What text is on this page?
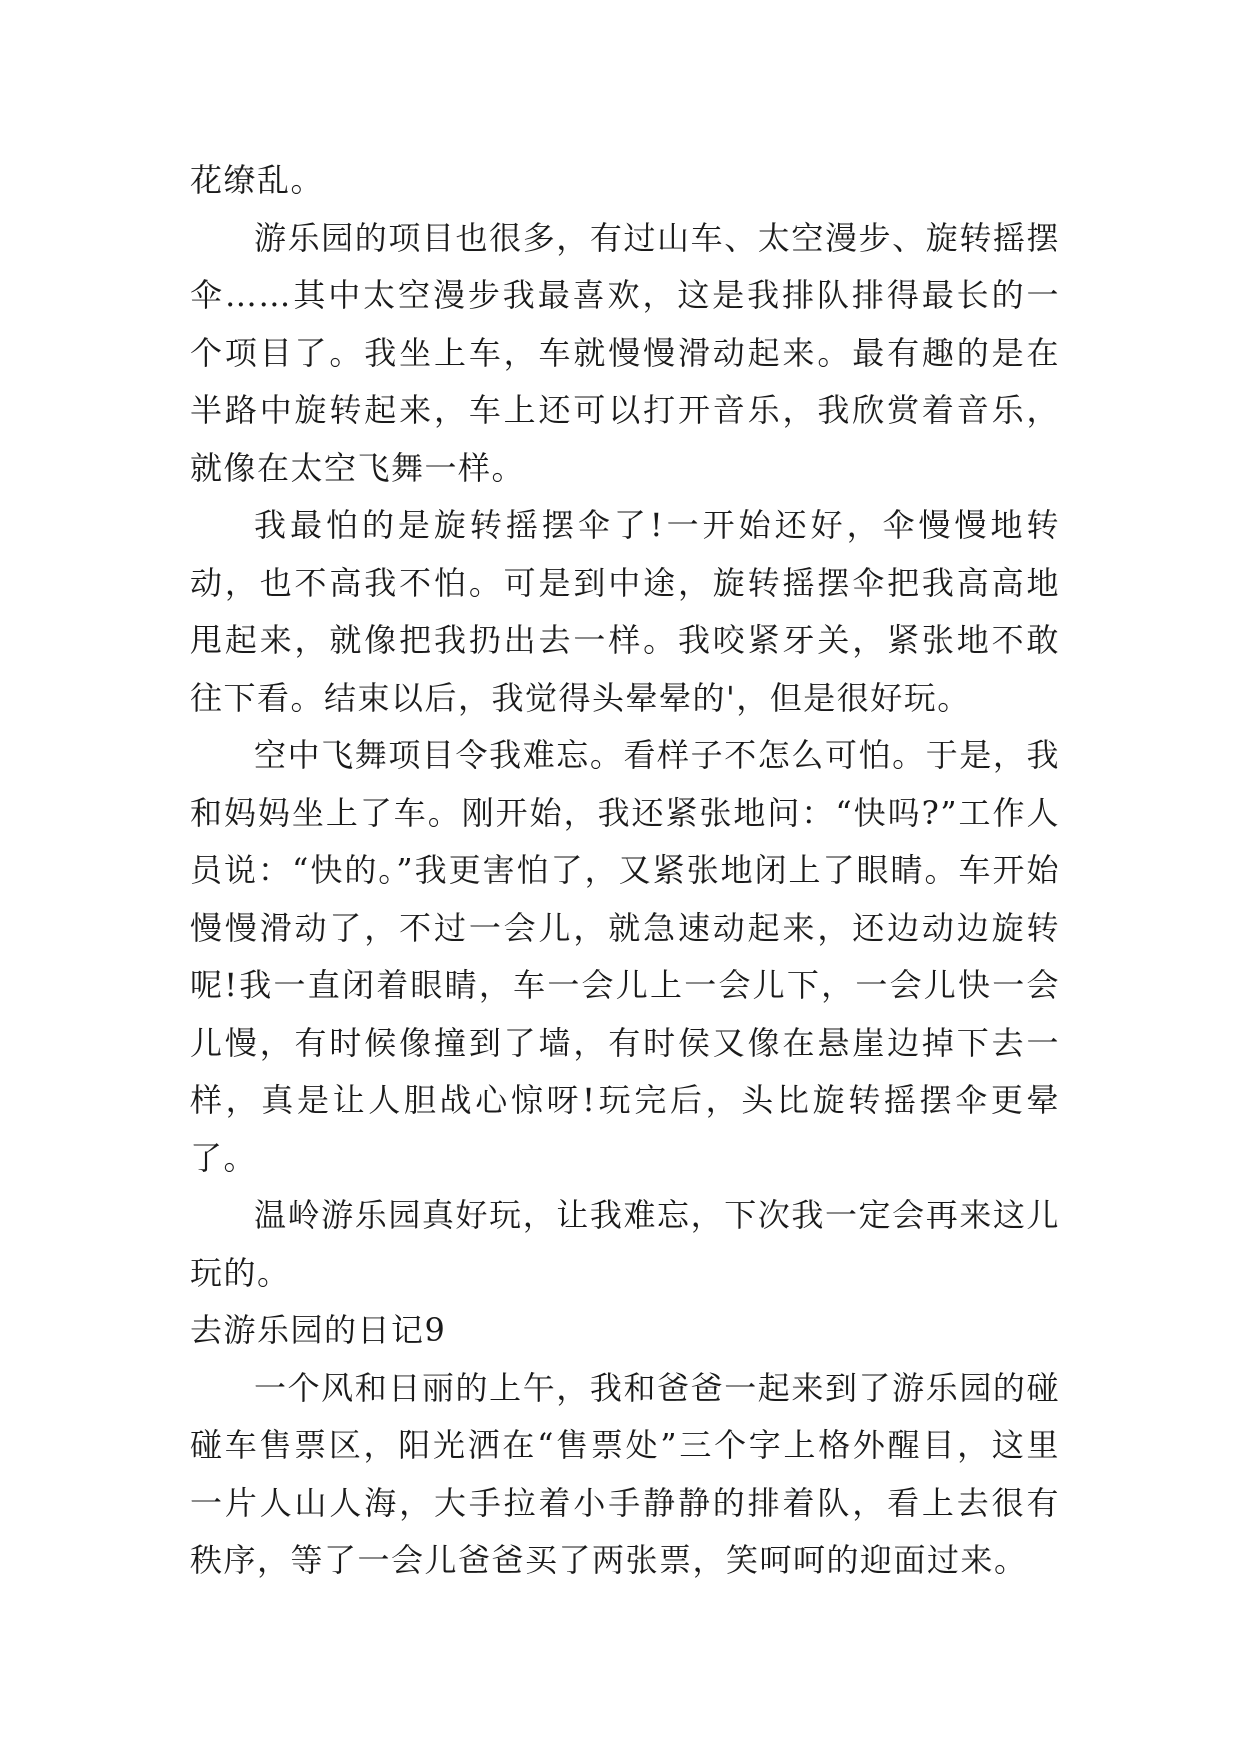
花缭乱。

游乐园的项目也很多，有过山车、太空漫步、旋转摇摆伞……其中太空漫步我最喜欢，这是我排队排得最长的一个项目了。我坐上车，车就慢慢滑动起来。最有趣的是在半路中旋转起来，车上还可以打开音乐，我欣赏着音乐，就像在太空飞舞一样。

我最怕的是旋转摇摆伞了!一开始还好，伞慢慢地转动，也不高我不怕。可是到中途，旋转摇摆伞把我高高地甩起来，就像把我扔出去一样。我咬紧牙关，紧张地不敢往下看。结束以后，我觉得头晕晕的'，但是很好玩。

空中飞舞项目令我难忘。看样子不怎么可怕。于是，我和妈妈坐上了车。刚开始，我还紧张地问：“快吗?”工作人员说：“快的。”我更害怕了，又紧张地闭上了眼睛。车开始慢慢滑动了，不过一会儿，就急速动起来，还边动边旋转呢!我一直闭着眼睛，车一会儿上一会儿下，一会儿快一会儿慢，有时候像撞到了墙，有时侯又像在悬崖边掉下去一样，真是让人胆战心惊呀!玩完后，头比旋转摇摆伞更晕了。

温岭游乐园真好玩，让我难忘，下次我一定会再来这儿玩的。

去游乐园的日记9

一个风和日丽的上午，我和爸爸一起来到了游乐园的碰碰车售票区，阳光洒在“售票处”三个字上格外醒目，这里一片人山人海，大手拉着小手静静的排着队，看上去很有秩序，等了一会儿爸爸买了两张票，笑呵呵的迎面过来。
